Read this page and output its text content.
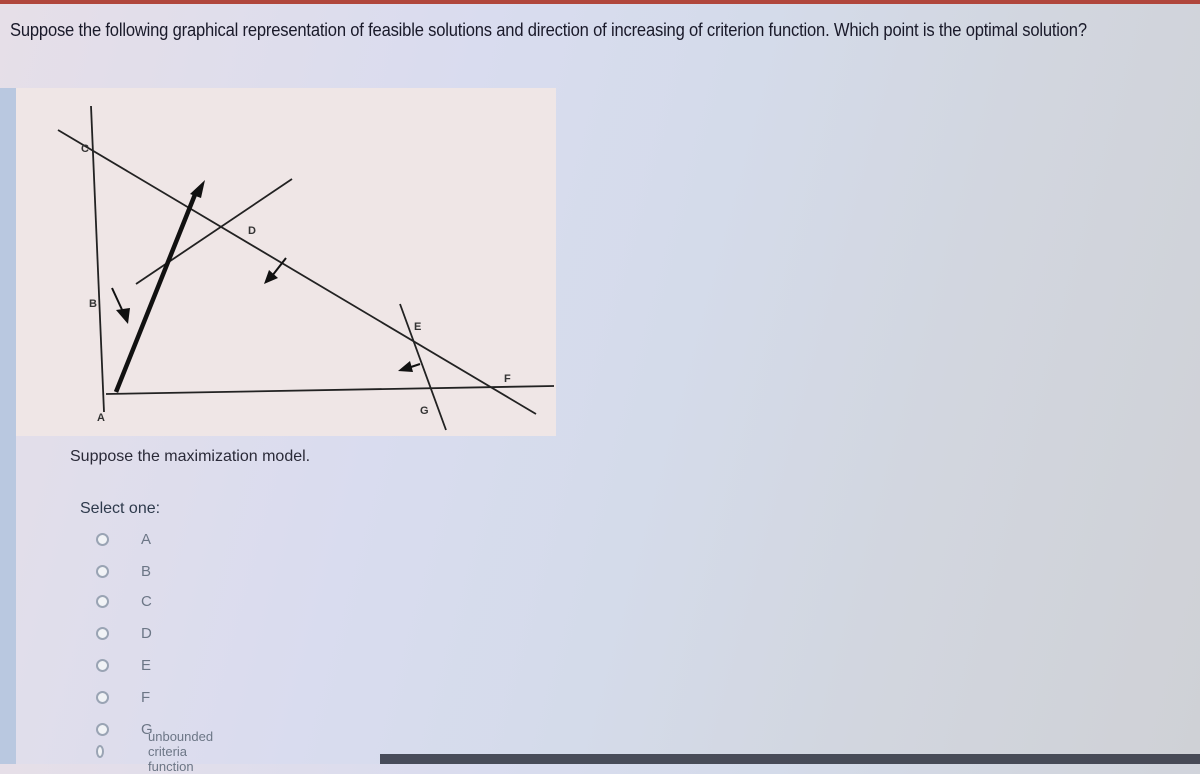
Suppose the following graphical representation of feasible solutions and direction of increasing of criterion function. Which point is the optimal solution?
A
B
C
D
E
F
G
Suppose the maximization model.
Select one:
A
B
C
D
E
F
G
unbounded criteria function
